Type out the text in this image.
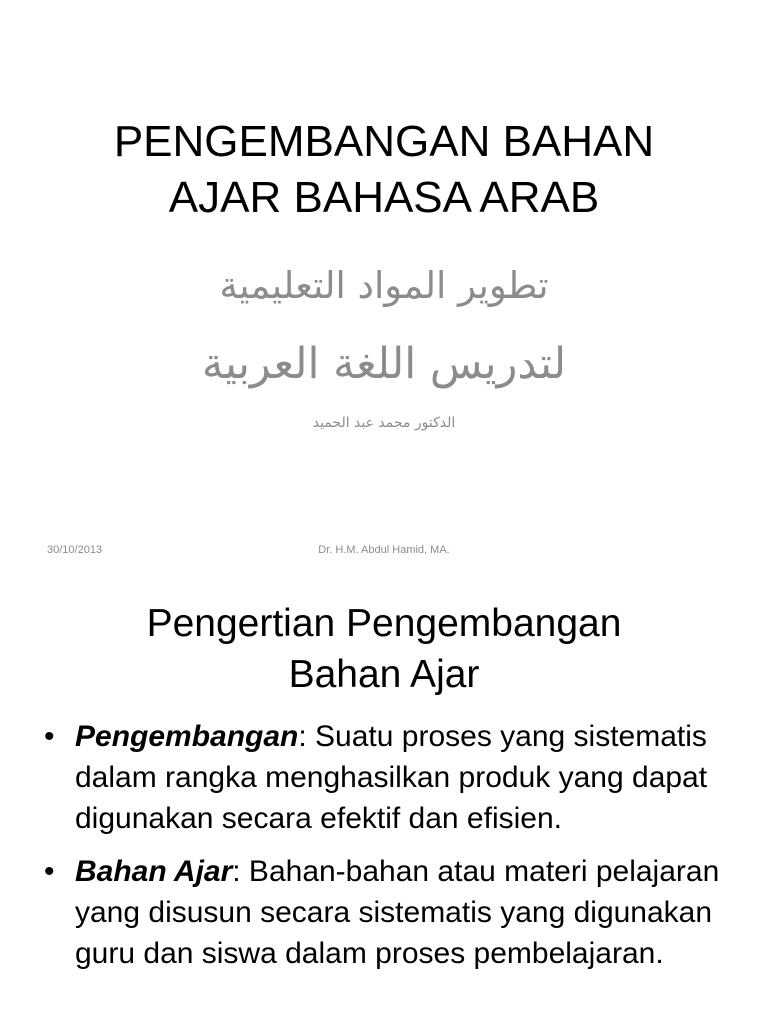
PENGEMBANGAN BAHAN
AJAR BAHASA ARAB
تطوير المواد التعليمية
لتدريس اللغة العربية
الدكتور محمد عبد الحميد
30/10/2013	Dr. H.M. Abdul Hamid, MA.
Pengertian Pengembangan
Bahan Ajar
• Pengembangan: Suatu proses yang sistematis dalam rangka menghasilkan produk yang dapat digunakan secara efektif dan efisien.
• Bahan Ajar: Bahan-bahan atau materi pelajaran yang disusun secara sistematis yang digunakan guru dan siswa dalam proses pembelajaran.
